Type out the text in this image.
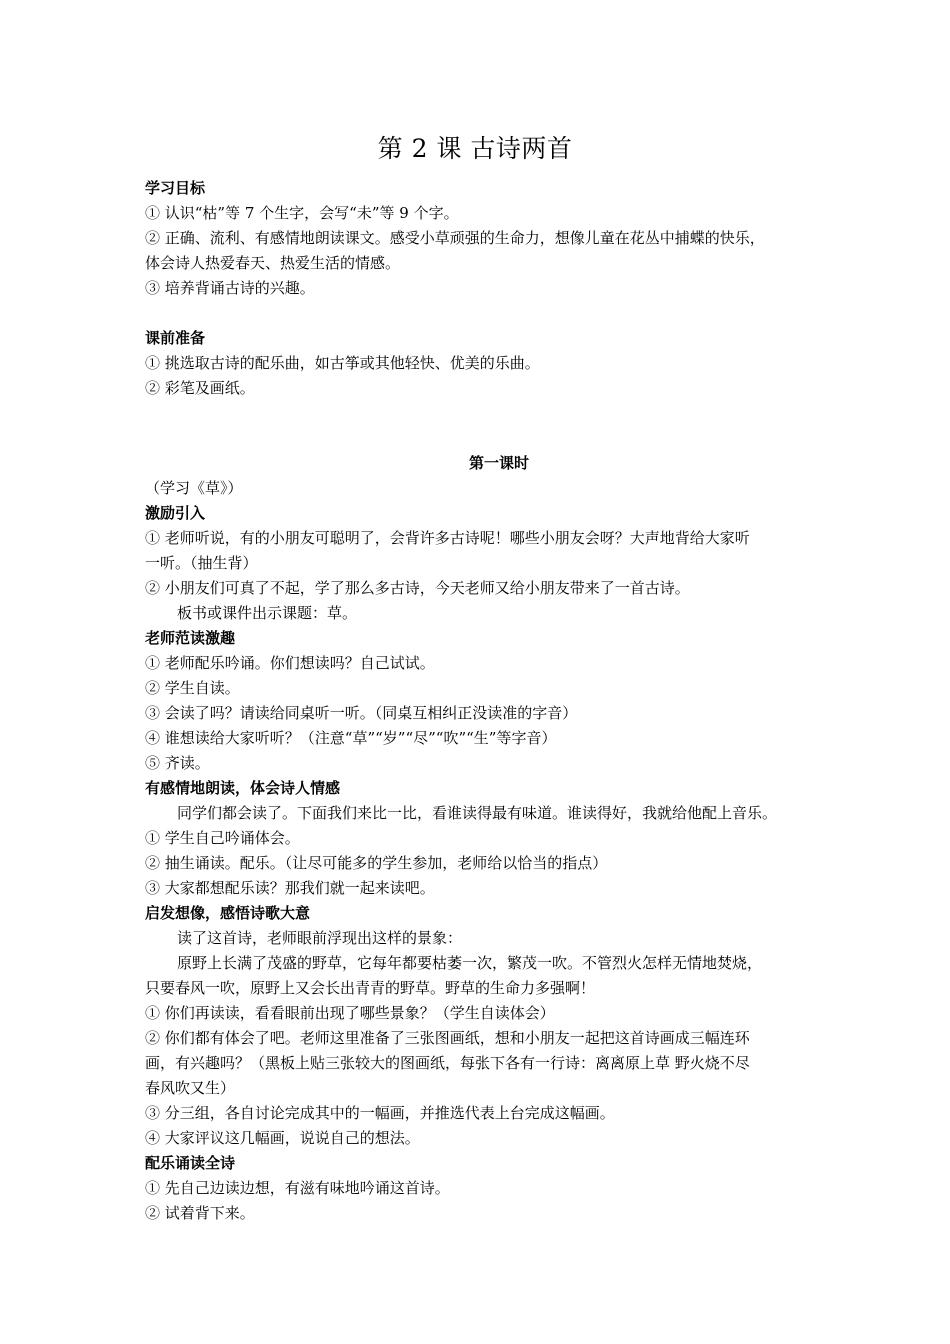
第 2 课 古诗两首
学习目标
① 认识“枯”等 7 个生字，会写“未”等 9 个字。
② 正确、流利、有感情地朗读课文。感受小草顽强的生命力，想像儿童在花丛中捕蝶的快乐，
体会诗人热爱春天、热爱生活的情感。
③ 培养背诵古诗的兴趣。
课前准备
① 挑选取古诗的配乐曲，如古筝或其他轻快、优美的乐曲。
② 彩笔及画纸。
第一课时
（学习《草》）
激励引入
① 老师听说，有的小朋友可聪明了，会背许多古诗呢！哪些小朋友会呀？大声地背给大家听
一听。（抽生背）
② 小朋友们可真了不起，学了那么多古诗，今天老师又给小朋友带来了一首古诗。
板书或课件出示课题：草。
老师范读激趣
① 老师配乐吟诵。你们想读吗？自己试试。
② 学生自读。
③ 会读了吗？请读给同桌听一听。（同桌互相纠正没读准的字音）
④ 谁想读给大家听听？（注意“草”“岁”“尽”“吹”“生”等字音）
⑤ 齐读。
有感情地朗读，体会诗人情感
同学们都会读了。下面我们来比一比，看谁读得最有味道。谁读得好，我就给他配上音乐。
① 学生自己吟诵体会。
② 抽生诵读。配乐。（让尽可能多的学生参加，老师给以恰当的指点）
③ 大家都想配乐读？那我们就一起来读吧。
启发想像，感悟诗歌大意
读了这首诗，老师眼前浮现出这样的景象：
原野上长满了茂盛的野草，它每年都要枯萎一次，繁茂一吹。不管烈火怎样无情地焚烧，
只要春风一吹，原野上又会长出青青的野草。野草的生命力多强啊！
① 你们再读读，看看眼前出现了哪些景象？（学生自读体会）
② 你们都有体会了吧。老师这里准备了三张图画纸，想和小朋友一起把这首诗画成三幅连环
画，有兴趣吗？（黑板上贴三张较大的图画纸，每张下各有一行诗：离离原上草 野火烧不尽
春风吹又生）
③ 分三组，各自讨论完成其中的一幅画，并推选代表上台完成这幅画。
④ 大家评议这几幅画，说说自己的想法。
配乐诵读全诗
① 先自己边读边想，有滋有味地吟诵这首诗。
② 试着背下来。
